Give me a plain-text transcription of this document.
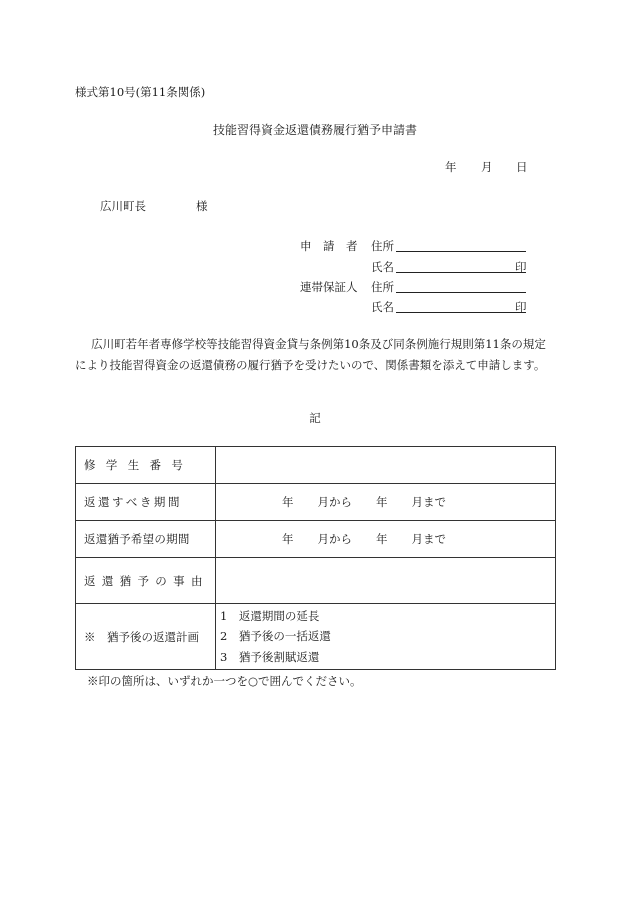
様式第10号(第11条関係)
技能習得資金返還債務履行猶予申請書
年 月 日
広川町長	様
申　請　者 住所
氏名	印
連帯保証人 住所
氏名	印
広川町若年者専修学校等技能習得資金貸与条例第10条及び同条例施行規則第11条の規定により技能習得資金の返還債務の履行猶予を受けたいので、関係書類を添えて申請します。
記
修学生番号	
返還すべき期間	年 月から 年 月まで
返還猶予希望の期間	年 月から 年 月まで
返還猶予の事由	
※　猶予後の返還計画	1　返還期間の延長
2　猶予後の一括返還
3　猶予後割賦返還
※印の箇所は、いずれか一つを○で囲んでください。
